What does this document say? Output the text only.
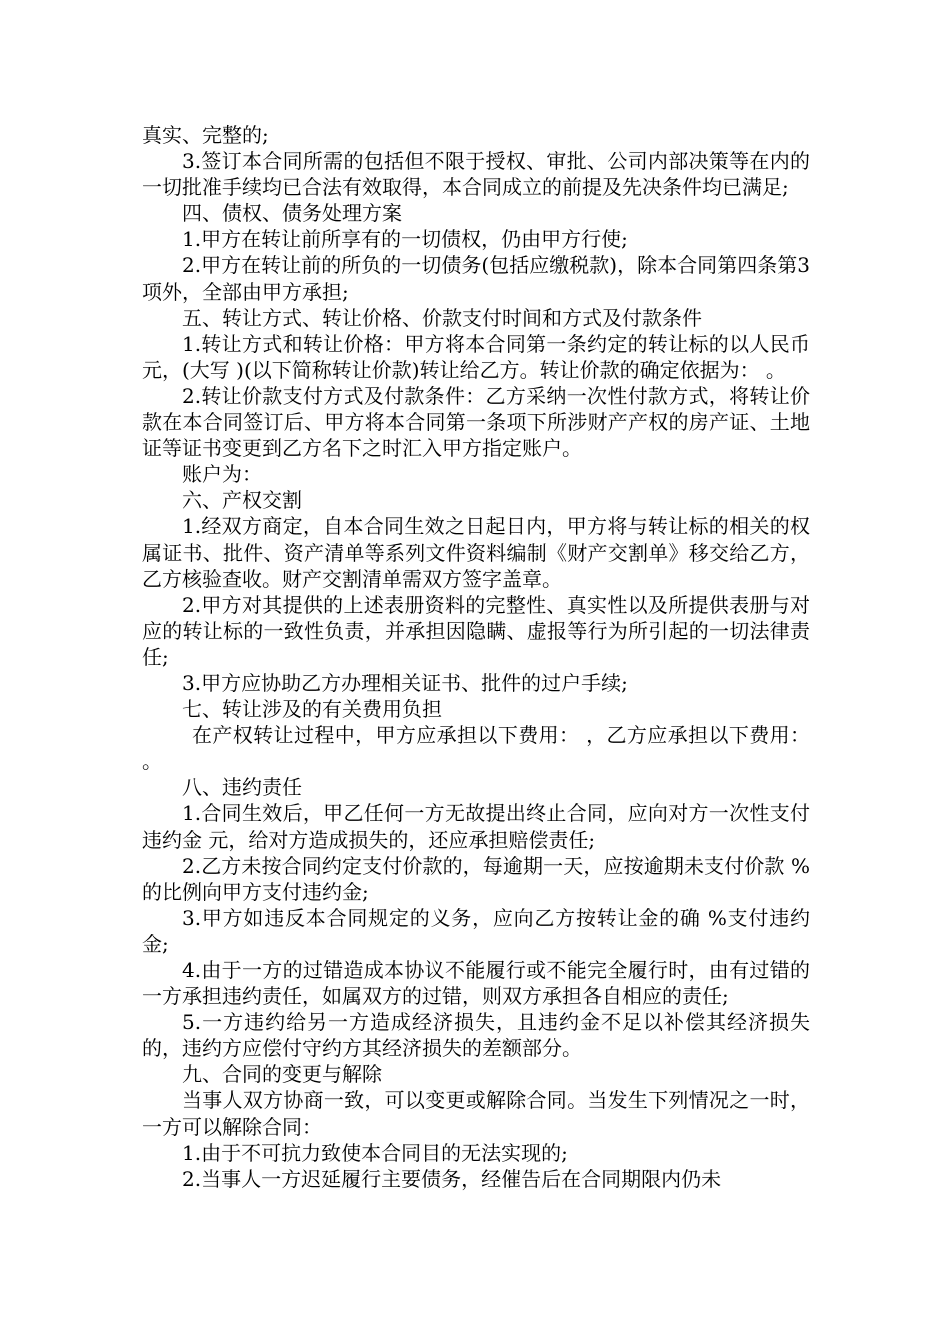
真实、完整的;

3.签订本合同所需的包括但不限于授权、审批、公司内部决策等在内的一切批准手续均已合法有效取得，本合同成立的前提及先决条件均已满足;

四、债权、债务处理方案

1.甲方在转让前所享有的一切债权，仍由甲方行使;

2.甲方在转让前的所负的一切债务(包括应缴税款)，除本合同第四条第3项外，全部由甲方承担;

五、转让方式、转让价格、价款支付时间和方式及付款条件

1.转让方式和转让价格：甲方将本合同第一条约定的转让标的以人民币 元，(大写 )(以下简称转让价款)转让给乙方。转让价款的确定依据为： 。

2.转让价款支付方式及付款条件：乙方采纳一次性付款方式，将转让价款在本合同签订后、甲方将本合同第一条项下所涉财产产权的房产证、土地证等证书变更到乙方名下之时汇入甲方指定账户。

账户为：

六、产权交割

1.经双方商定，自本合同生效之日起日内，甲方将与转让标的相关的权属证书、批件、资产清单等系列文件资料编制《财产交割单》移交给乙方，乙方核验查收。财产交割清单需双方签字盖章。

2.甲方对其提供的上述表册资料的完整性、真实性以及所提供表册与对应的转让标的一致性负责，并承担因隐瞒、虚报等行为所引起的一切法律责任;

3.甲方应协助乙方办理相关证书、批件的过户手续;

七、转让涉及的有关费用负担

在产权转让过程中，甲方应承担以下费用： ，乙方应承担以下费用： 。

八、违约责任

1.合同生效后，甲乙任何一方无故提出终止合同，应向对方一次性支付违约金 元，给对方造成损失的，还应承担赔偿责任;

2.乙方未按合同约定支付价款的，每逾期一天，应按逾期未支付价款 %的比例向甲方支付违约金;

3.甲方如违反本合同规定的义务，应向乙方按转让金的确 %支付违约金;

4.由于一方的过错造成本协议不能履行或不能完全履行时，由有过错的一方承担违约责任，如属双方的过错，则双方承担各自相应的责任;

5.一方违约给另一方造成经济损失，且违约金不足以补偿其经济损失的，违约方应偿付守约方其经济损失的差额部分。

九、合同的变更与解除

当事人双方协商一致，可以变更或解除合同。当发生下列情况之一时，一方可以解除合同：

1.由于不可抗力致使本合同目的无法实现的;

2.当事人一方迟延履行主要债务，经催告后在合同期限内仍未
